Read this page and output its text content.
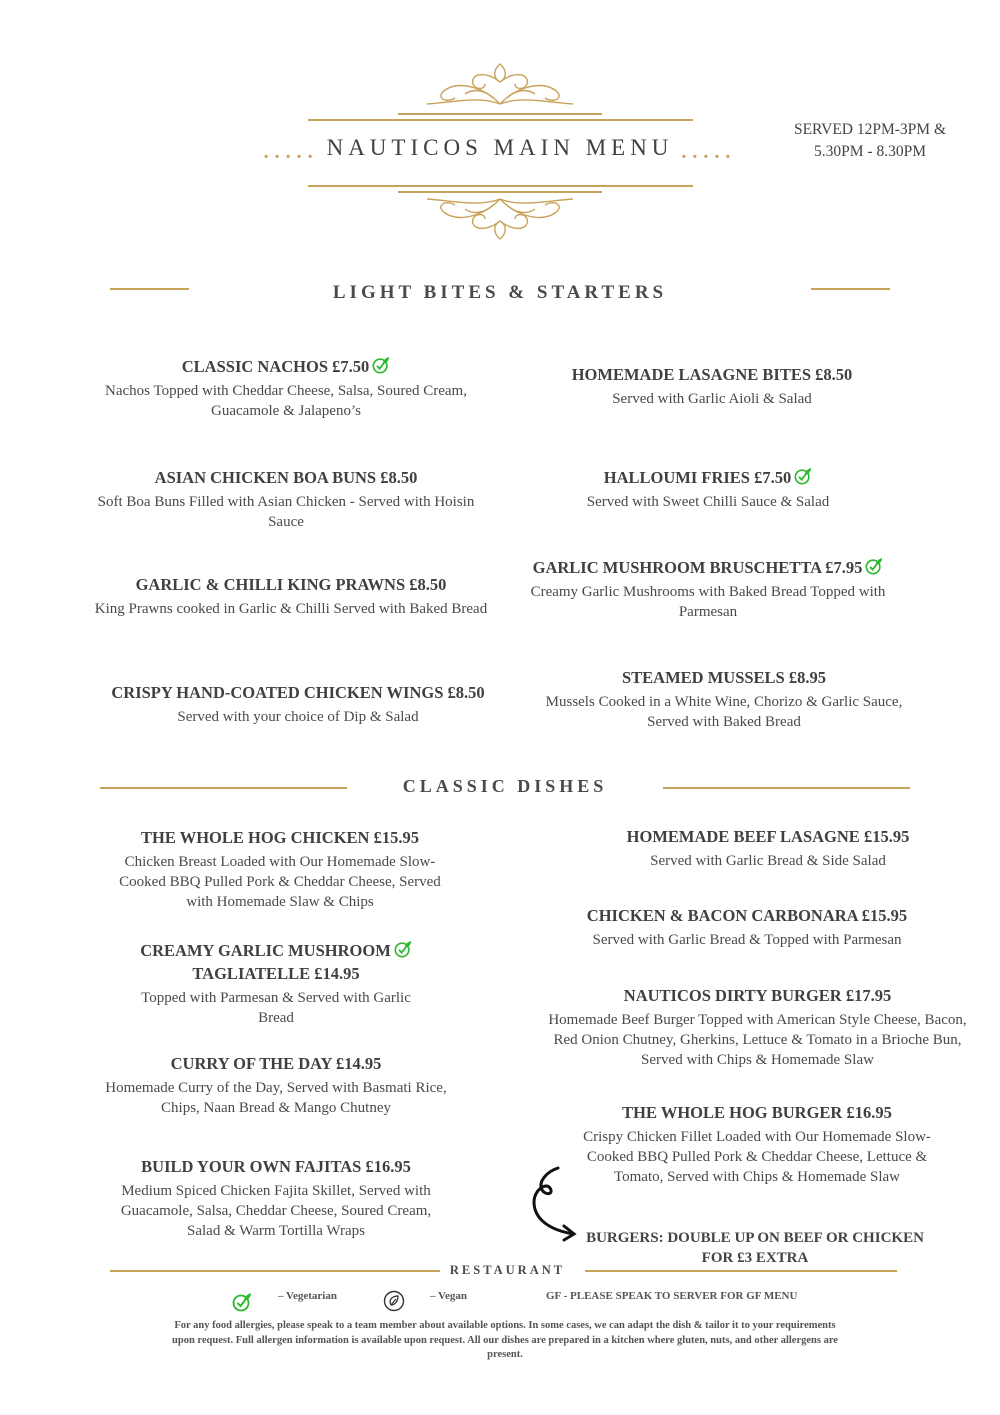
..... NAUTICOS MAIN MENU .....
SERVED 12PM-3PM &
5.30PM - 8.30PM
LIGHT BITES & STARTERS
CLASSIC NACHOS £7.50
Nachos Topped with Cheddar Cheese, Salsa, Soured Cream, Guacamole & Jalapeno’s
ASIAN CHICKEN BOA BUNS £8.50
Soft Boa Buns Filled with Asian Chicken - Served with Hoisin Sauce
GARLIC & CHILLI KING PRAWNS £8.50
King Prawns cooked in Garlic & Chilli Served with Baked Bread
CRISPY HAND-COATED CHICKEN WINGS £8.50
Served with your choice of Dip & Salad
HOMEMADE LASAGNE BITES £8.50
Served with Garlic Aioli & Salad
HALLOUMI FRIES £7.50
Served with Sweet Chilli Sauce & Salad
GARLIC MUSHROOM BRUSCHETTA £7.95
Creamy Garlic Mushrooms with Baked Bread Topped with Parmesan
STEAMED MUSSELS £8.95
Mussels Cooked in a White Wine, Chorizo & Garlic Sauce, Served with Baked Bread
CLASSIC DISHES
THE WHOLE HOG CHICKEN £15.95
Chicken Breast Loaded with Our Homemade Slow-Cooked BBQ Pulled Pork & Cheddar Cheese, Served with Homemade Slaw & Chips
CREAMY GARLIC MUSHROOM
TAGLIATELLE £14.95
Topped with Parmesan & Served with Garlic Bread
CURRY OF THE DAY £14.95
Homemade Curry of the Day, Served with Basmati Rice, Chips, Naan Bread & Mango Chutney
BUILD YOUR OWN FAJITAS £16.95
Medium Spiced Chicken Fajita Skillet, Served with Guacamole, Salsa, Cheddar Cheese, Soured Cream, Salad & Warm Tortilla Wraps
HOMEMADE BEEF LASAGNE £15.95
Served with Garlic Bread & Side Salad
CHICKEN & BACON CARBONARA £15.95
Served with Garlic Bread & Topped with Parmesan
NAUTICOS DIRTY BURGER £17.95
Homemade Beef Burger Topped with American Style Cheese, Bacon, Red Onion Chutney, Gherkins, Lettuce & Tomato in a Brioche Bun, Served with Chips & Homemade Slaw
THE WHOLE HOG BURGER £16.95
Crispy Chicken Fillet Loaded with Our Homemade Slow-Cooked BBQ Pulled Pork & Cheddar Cheese, Lettuce & Tomato, Served with Chips & Homemade Slaw
BURGERS: DOUBLE UP ON BEEF OR CHICKEN FOR £3 EXTRA
RESTAURANT
– Vegetarian	– Vegan	GF - PLEASE SPEAK TO SERVER FOR GF MENU
For any food allergies, please speak to a team member about available options. In some cases, we can adapt the dish & tailor it to your requirements upon request. Full allergen information is available upon request. All our dishes are prepared in a kitchen where gluten, nuts, and other allergens are present.
